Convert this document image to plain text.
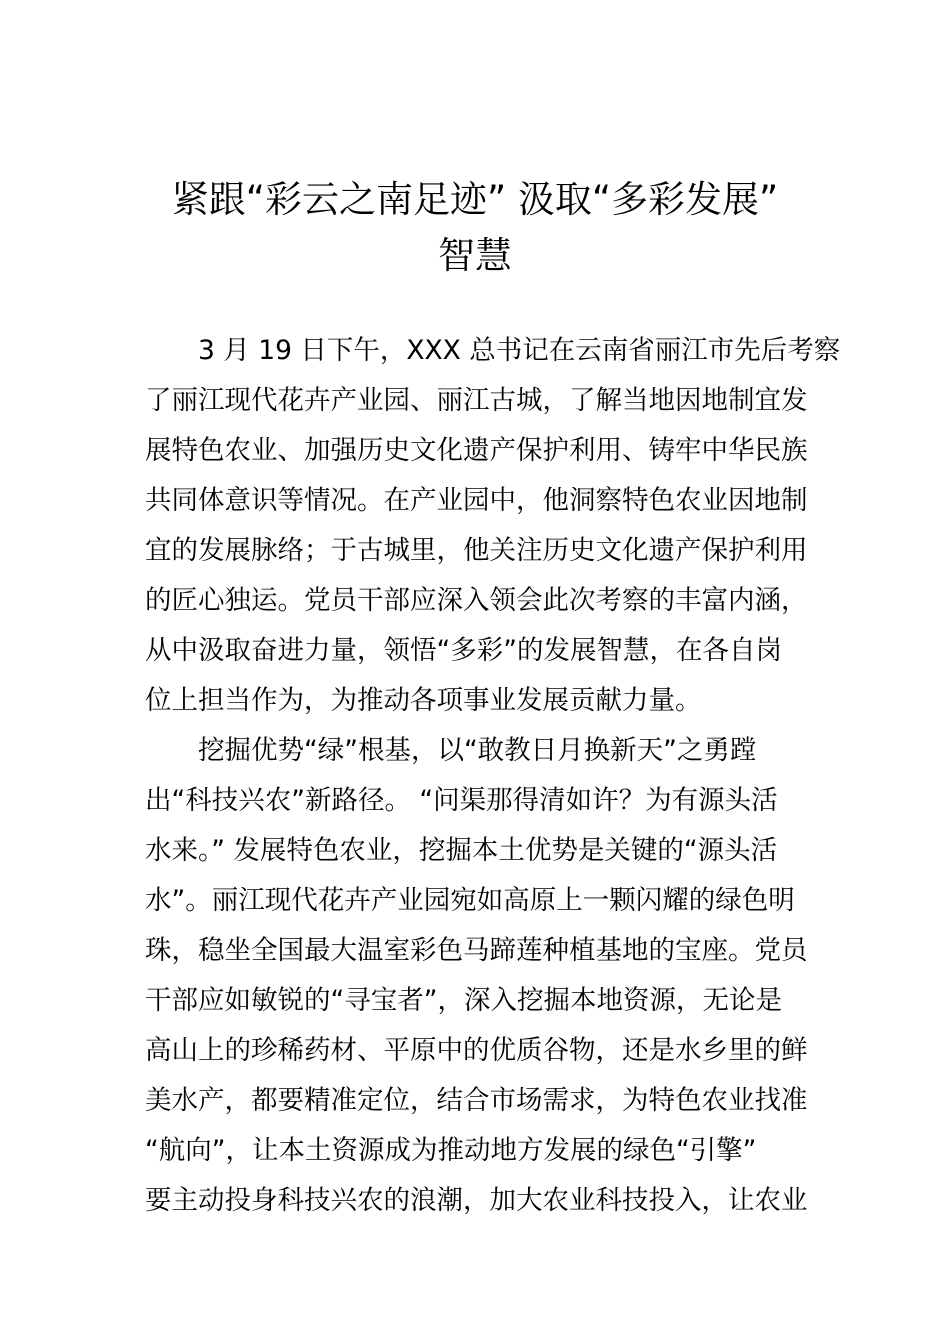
紧跟“彩云之南足迹” 汲取“多彩发展”
智慧
3 月 19 日下午，XXX 总书记在云南省丽江市先后考察
了丽江现代花卉产业园、丽江古城，了解当地因地制宜发
展特色农业、加强历史文化遗产保护利用、铸牢中华民族
共同体意识等情况。在产业园中，他洞察特色农业因地制
宜的发展脉络；于古城里，他关注历史文化遗产保护利用
的匠心独运。党员干部应深入领会此次考察的丰富内涵，
从中汲取奋进力量，领悟“多彩”的发展智慧，在各自岗
位上担当作为，为推动各项事业发展贡献力量。
挖掘优势“绿”根基，以“敢教日月换新天”之勇蹚
出“科技兴农”新路径。 “问渠那得清如许？为有源头活
水来。” 发展特色农业，挖掘本土优势是关键的“源头活
水”。丽江现代花卉产业园宛如高原上一颗闪耀的绿色明
珠，稳坐全国最大温室彩色马蹄莲种植基地的宝座。党员
干部应如敏锐的“寻宝者”，深入挖掘本地资源，无论是
高山上的珍稀药材、平原中的优质谷物，还是水乡里的鲜
美水产，都要精准定位，结合市场需求，为特色农业找准
“航向”，让本土资源成为推动地方发展的绿色“引擎”
要主动投身科技兴农的浪潮，加大农业科技投入，让农业
